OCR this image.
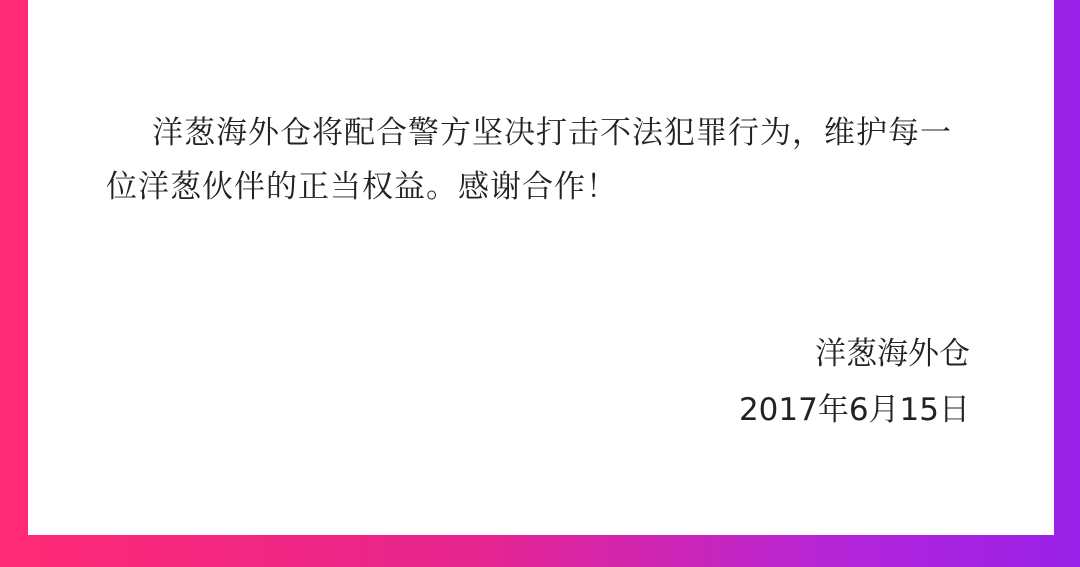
洋葱海外仓将配合警方坚决打击不法犯罪行为，维护每一位洋葱伙伴的正当权益。感谢合作！

洋葱海外仓
2017年6月15日
